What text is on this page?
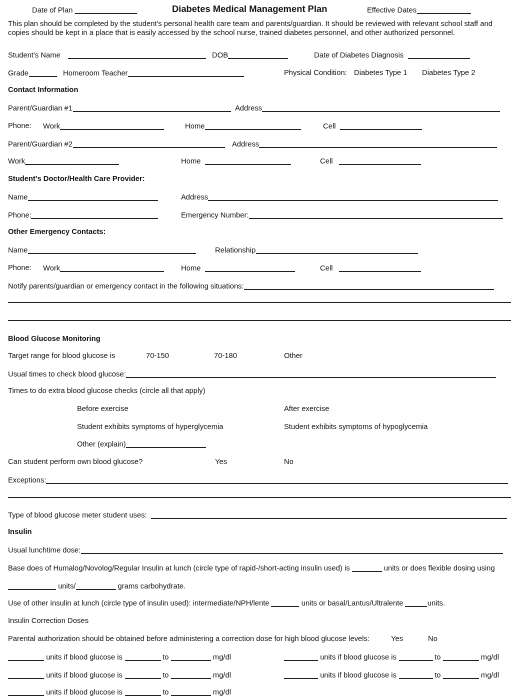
Date of Plan	Diabetes Medical Management Plan	Effective Dates
This plan should be completed by the student's personal health care team and parents/guardian. It should be reviewed with relevant school staff and copies should be kept in a place that is easily accessed by the school nurse, trained diabetes personnel, and other authorized personnel.
Student's Name	DOB	Date of Diabetes Diagnosis
Grade	Homeroom Teacher	Physical Condition: Diabetes Type 1 Diabetes Type 2
Contact Information
Parent/Guardian #1	Address
Phone: Work	Home	Cell
Parent/Guardian #2	Address
Work	Home	Cell
Student's Doctor/Health Care Provider:
Name	Address
Phone:	Emergency Number:
Other Emergency Contacts:
Name	Relationship
Phone: Work	Home	Cell
Notify parents/guardian or emergency contact in the following situations:
Blood Glucose Monitoring
Target range for blood glucose is	70-150	70-180	Other
Usual times to check blood glucose:
Times to do extra blood glucose checks (circle all that apply)
Before exercise	After exercise
Student exhibits symptoms of hyperglycemia	Student exhibits symptoms of hypoglycemia
Other (explain)
Can student perform own blood glucose?	Yes	No
Exceptions:
Type of blood glucose meter student uses:
Insulin
Usual lunchtime dose:
Base does of Humalog/Novolog/Regular Insulin at lunch (circle type of rapid-/short-acting insulin used) is	units or does flexible dosing using
units/	grams carbohydrate.
Use of other insulin at lunch (circle type of insulin used): intermediate/NPH/lente	units or basal/Lantus/Ultralente	units.
Insulin Correction Doses
Parental authorization should be obtained before administering a correction dose for high blood glucose levels:	Yes	No
units if blood glucose is	to	mg/dl
units if blood glucose is	to	mg/dl
units if blood glucose is	to	mg/dl
units if blood glucose is	to	mg/dl
units if blood glucose is	to	mg/dl
